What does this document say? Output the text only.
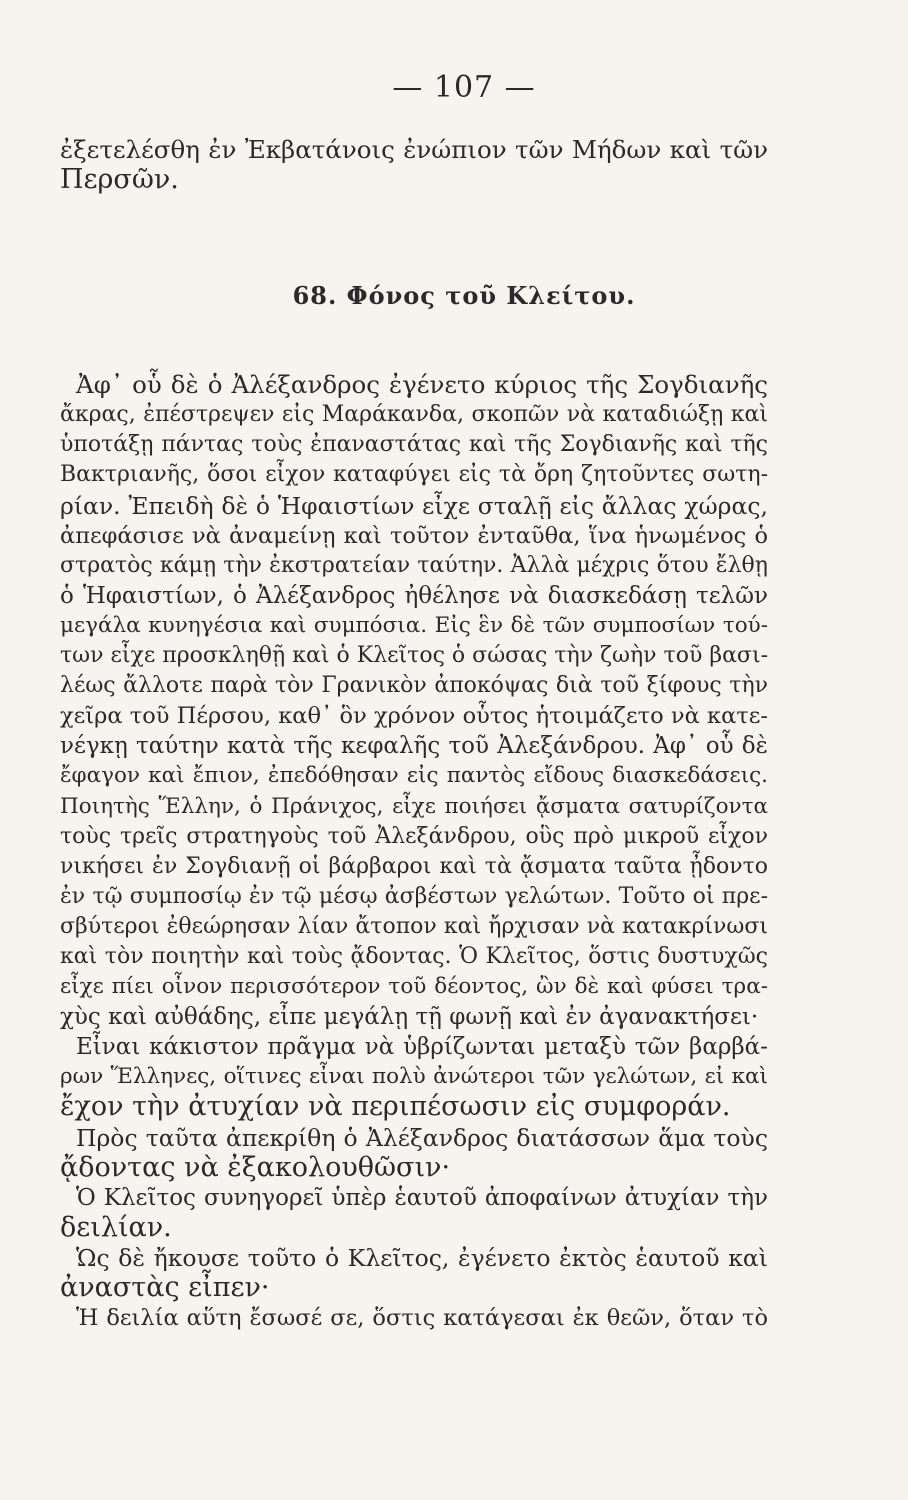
— 107 —
ἐξετελέσθη ἐν Ἐκβατάνοις ἐνώπιον τῶν Μήδων καὶ τῶν
Περσῶν.
68. Φόνος τοῦ Κλείτου.
Ἀφ᾽ οὗ δὲ ὁ Ἀλέξανδρος ἐγένετο κύριος τῆς Σογδιανῆς
ἄκρας, ἐπέστρεψεν εἰς Μαράκανδα, σκοπῶν νὰ καταδιώξῃ καὶ
ὑποτάξῃ πάντας τοὺς ἐπαναστάτας καὶ τῆς Σογδιανῆς καὶ τῆς
Βακτριανῆς, ὅσοι εἶχον καταφύγει εἰς τὰ ὄρη ζητοῦντες σωτη-
ρίαν. Ἐπειδὴ δὲ ὁ Ἡφαιστίων εἶχε σταλῇ εἰς ἄλλας χώρας,
ἀπεφάσισε νὰ ἀναμείνῃ καὶ τοῦτον ἐνταῦθα, ἵνα ἡνωμένος ὁ
στρατὸς κάμῃ τὴν ἐκστρατείαν ταύτην. Ἀλλὰ μέχρις ὅτου ἔλθῃ
ὁ Ἡφαιστίων, ὁ Ἀλέξανδρος ἠθέλησε νὰ διασκεδάσῃ τελῶν
μεγάλα κυνηγέσια καὶ συμπόσια. Εἰς ἓν δὲ τῶν συμποσίων τού-
των εἶχε προσκληθῇ καὶ ὁ Κλεῖτος ὁ σώσας τὴν ζωὴν τοῦ βασι-
λέως ἄλλοτε παρὰ τὸν Γρανικὸν ἀποκόψας διὰ τοῦ ξίφους τὴν
χεῖρα τοῦ Πέρσου, καθ᾽ ὃν χρόνον οὗτος ἡτοιμάζετο νὰ κατε-
νέγκῃ ταύτην κατὰ τῆς κεφαλῆς τοῦ Ἀλεξάνδρου. Ἀφ᾽ οὗ δὲ
ἔφαγον καὶ ἔπιον, ἐπεδόθησαν εἰς παντὸς εἴδους διασκεδάσεις.
Ποιητὴς Ἕλλην, ὁ Πράνιχος, εἶχε ποιήσει ᾄσματα σατυρίζοντα
τοὺς τρεῖς στρατηγοὺς τοῦ Ἀλεξάνδρου, οὓς πρὸ μικροῦ εἶχον
νικήσει ἐν Σογδιανῇ οἱ βάρβαροι καὶ τὰ ᾄσματα ταῦτα ᾖδοντο
ἐν τῷ συμποσίῳ ἐν τῷ μέσῳ ἀσβέστων γελώτων. Τοῦτο οἱ πρε-
σβύτεροι ἐθεώρησαν λίαν ἄτοπον καὶ ἤρχισαν νὰ κατακρίνωσι
καὶ τὸν ποιητὴν καὶ τοὺς ᾄδοντας. Ὁ Κλεῖτος, ὅστις δυστυχῶς
εἶχε πίει οἶνον περισσότερον τοῦ δέοντος, ὢν δὲ καὶ φύσει τρα-
χὺς καὶ αὐθάδης, εἶπε μεγάλῃ τῇ φωνῇ καὶ ἐν ἀγανακτήσει·
Εἶναι κάκιστον πρᾶγμα νὰ ὑβρίζωνται μεταξὺ τῶν βαρβά-
ρων Ἕλληνες, οἵτινες εἶναι πολὺ ἀνώτεροι τῶν γελώτων, εἰ καὶ
ἔχον τὴν ἀτυχίαν νὰ περιπέσωσιν εἰς συμφοράν.
Πρὸς ταῦτα ἀπεκρίθη ὁ Ἀλέξανδρος διατάσσων ἅμα τοὺς
ᾄδοντας νὰ ἐξακολουθῶσιν·
Ὁ Κλεῖτος συνηγορεῖ ὑπὲρ ἑαυτοῦ ἀποφαίνων ἀτυχίαν τὴν
δειλίαν.
Ὡς δὲ ἤκουσε τοῦτο ὁ Κλεῖτος, ἐγένετο ἐκτὸς ἑαυτοῦ καὶ
ἀναστὰς εἶπεν·
Ἡ δειλία αὕτη ἔσωσέ σε, ὅστις κατάγεσαι ἐκ θεῶν, ὅταν τὸ
